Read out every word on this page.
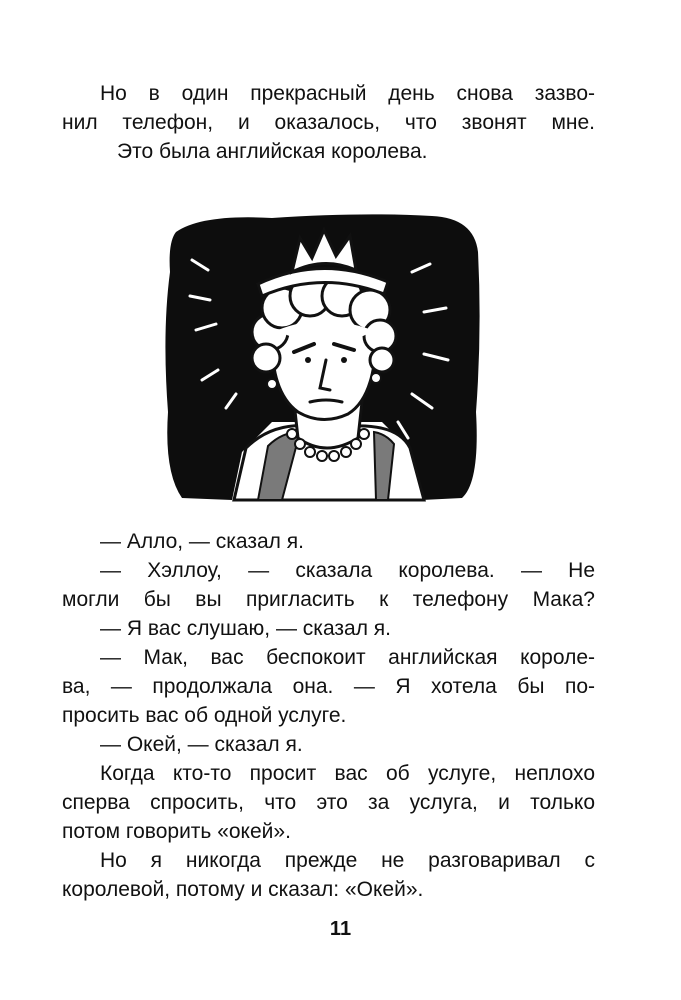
Но в один прекрасный день снова зазво-
нил телефон, и оказалось, что звонят мне.
Это была английская королева.
— Алло, — сказал я.
— Хэллоу, — сказала королева. — Не
могли бы вы пригласить к телефону Мака?
— Я вас слушаю, — сказал я.
— Мак, вас беспокоит английская короле-
ва, — продолжала она. — Я хотела бы по-
просить вас об одной услуге.
— Окей, — сказал я.
Когда кто-то просит вас об услуге, неплохо
сперва спросить, что это за услуга, и только
потом говорить «окей».
Но я никогда прежде не разговаривал с
королевой, потому и сказал: «Окей».
11
